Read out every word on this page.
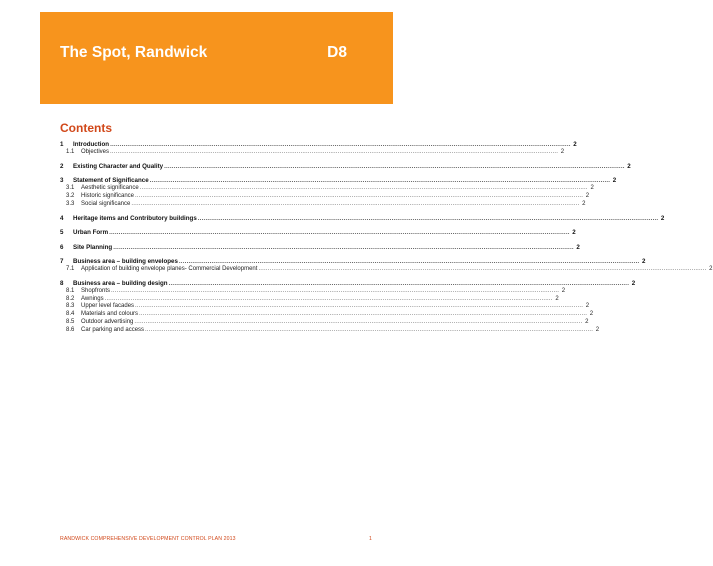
The Spot, Randwick	D8
Contents
1	Introduction .....	2
1.1	Objectives .....	2
2	Existing Character and Quality .....	2
3	Statement of Significance .....	2
3.1	Aesthetic significance .....	2
3.2	Historic significance .....	2
3.3	Social significance .....	2
4	Heritage items and Contributory buildings .....	2
5	Urban Form .....	2
6	Site Planning .....	2
7	Business area – building envelopes .....	2
7.1	Application of building envelope planes- Commercial Development .....	2
8	Business area – building design .....	2
8.1	Shopfronts .....	2
8.2	Awnings .....	2
8.3	Upper level facades .....	2
8.4	Materials and colours .....	2
8.5	Outdoor advertising .....	2
8.6	Car parking and access .....	2
RANDWICK COMPREHENSIVE DEVELOPMENT CONTROL PLAN 2013	1
